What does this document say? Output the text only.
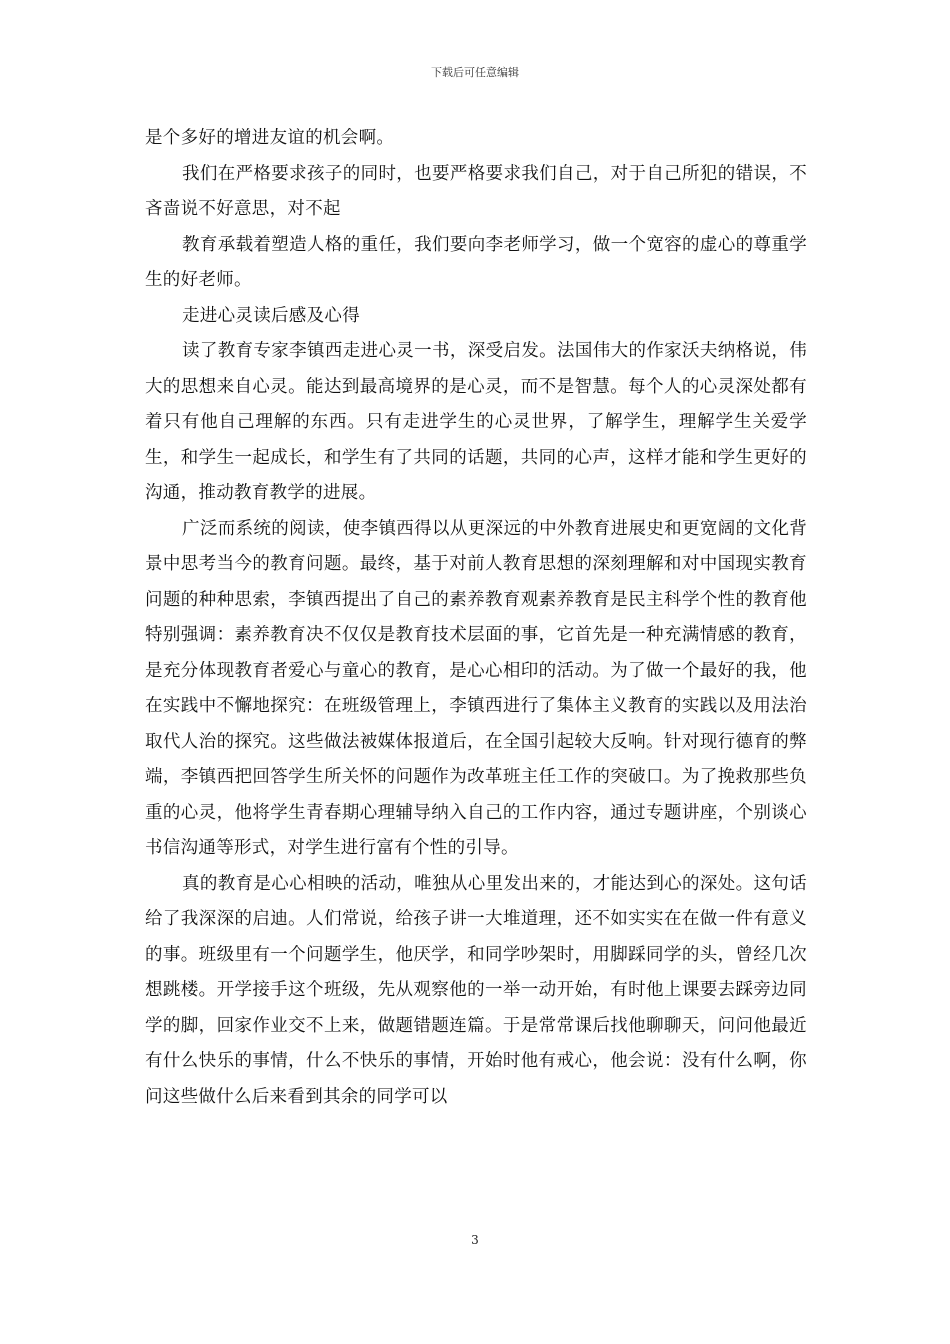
下载后可任意编辑

是个多好的增进友谊的机会啊。

我们在严格要求孩子的同时，也要严格要求我们自己，对于自己所犯的错误，不吝啬说不好意思，对不起

教育承载着塑造人格的重任，我们要向李老师学习，做一个宽容的虚心的尊重学生的好老师。

走进心灵读后感及心得

读了教育专家李镇西走进心灵一书，深受启发。法国伟大的作家沃夫纳格说，伟大的思想来自心灵。能达到最高境界的是心灵，而不是智慧。每个人的心灵深处都有着只有他自己理解的东西。只有走进学生的心灵世界，了解学生，理解学生关爱学生，和学生一起成长，和学生有了共同的话题，共同的心声，这样才能和学生更好的沟通，推动教育教学的进展。

广泛而系统的阅读，使李镇西得以从更深远的中外教育进展史和更宽阔的文化背景中思考当今的教育问题。最终，基于对前人教育思想的深刻理解和对中国现实教育问题的种种思索，李镇西提出了自己的素养教育观素养教育是民主科学个性的教育他特别强调：素养教育决不仅仅是教育技术层面的事，它首先是一种充满情感的教育，是充分体现教育者爱心与童心的教育，是心心相印的活动。为了做一个最好的我，他在实践中不懈地探究：在班级管理上，李镇西进行了集体主义教育的实践以及用法治取代人治的探究。这些做法被媒体报道后，在全国引起较大反响。针对现行德育的弊端，李镇西把回答学生所关怀的问题作为改革班主任工作的突破口。为了挽救那些负重的心灵，他将学生青春期心理辅导纳入自己的工作内容，通过专题讲座，个别谈心书信沟通等形式，对学生进行富有个性的引导。

真的教育是心心相映的活动，唯独从心里发出来的，才能达到心的深处。这句话给了我深深的启迪。人们常说，给孩子讲一大堆道理，还不如实实在在做一件有意义的事。班级里有一个问题学生，他厌学，和同学吵架时，用脚踩同学的头，曾经几次想跳楼。开学接手这个班级，先从观察他的一举一动开始，有时他上课要去踩旁边同学的脚，回家作业交不上来，做题错题连篇。于是常常课后找他聊聊天，问问他最近有什么快乐的事情，什么不快乐的事情，开始时他有戒心，他会说：没有什么啊，你问这些做什么后来看到其余的同学可以

3
